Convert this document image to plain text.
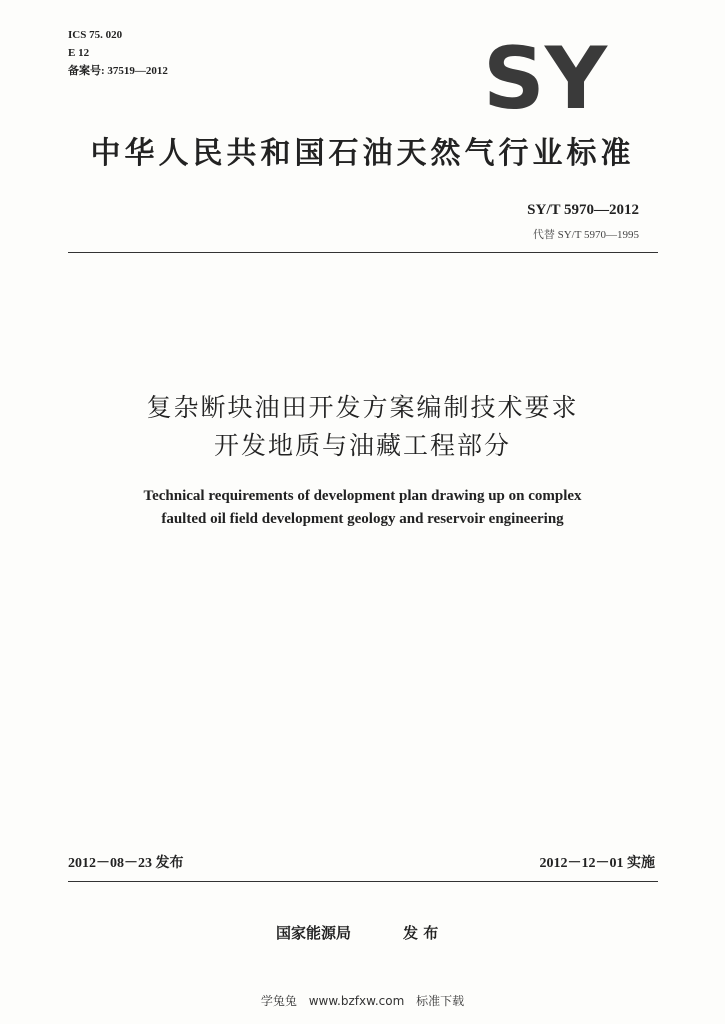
ICS 75. 020
E 12
备案号: 37519—2012	SY
中华人民共和国石油天然气行业标准
SY/T 5970—2012
代替 SY/T 5970—1995
复杂断块油田开发方案编制技术要求
开发地质与油藏工程部分
Technical requirements of development plan drawing up on complex
faulted oil field development geology and reservoir engineering
2012－08－23 发布	2012－12－01 实施
国家能源局	发 布
学兔兔 www.bzfxw.com 标准下载
